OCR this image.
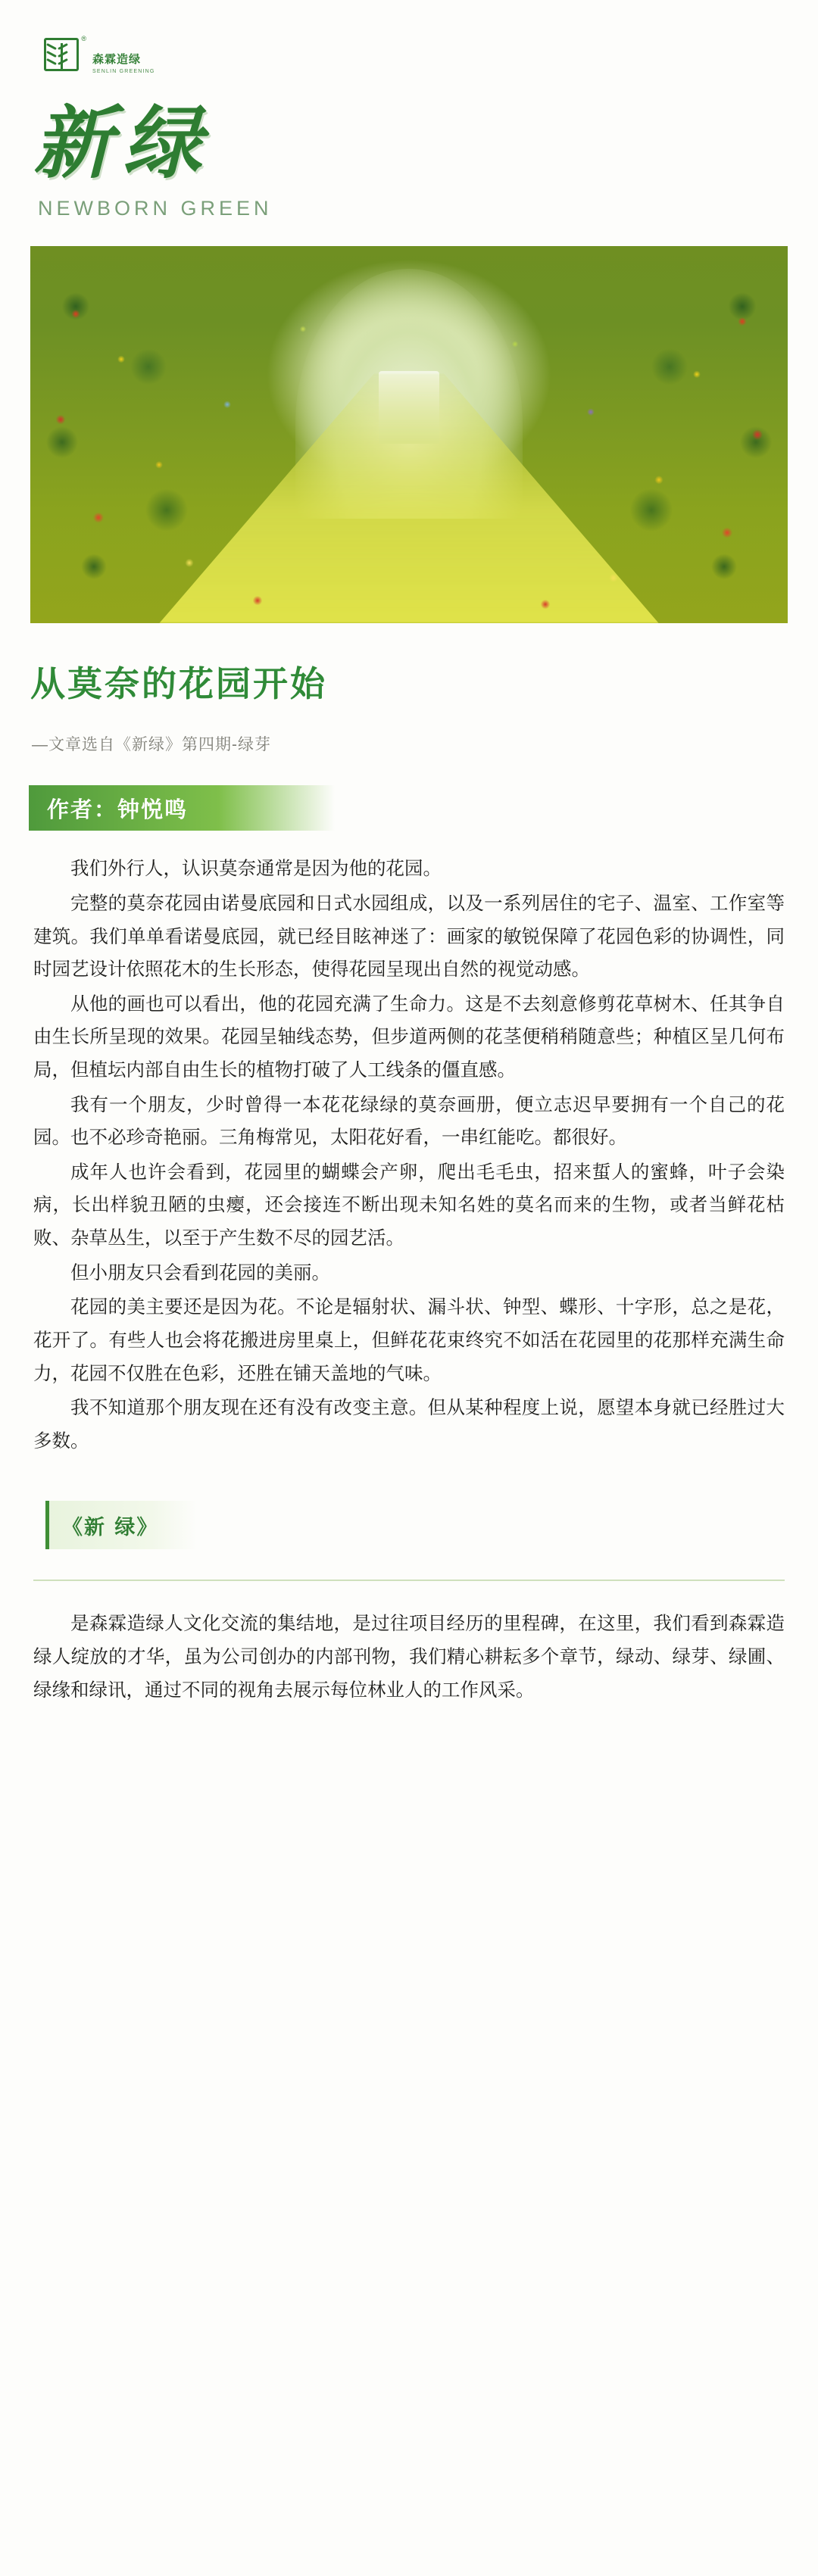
®
森霖造绿
SENLIN GREENING
新绿
NEWBORN GREEN
从莫奈的花园开始
—文章选自《新绿》第四期-绿芽
作者：钟悦鸣

我们外行人，认识莫奈通常是因为他的花园。

完整的莫奈花园由诺曼底园和日式水园组成，以及一系列居住的宅子、温室、工作室等建筑。我们单单看诺曼底园，就已经目眩神迷了：画家的敏锐保障了花园色彩的协调性，同时园艺设计依照花木的生长形态，使得花园呈现出自然的视觉动感。

从他的画也可以看出，他的花园充满了生命力。这是不去刻意修剪花草树木、任其争自由生长所呈现的效果。花园呈轴线态势，但步道两侧的花茎便稍稍随意些；种植区呈几何布局，但植坛内部自由生长的植物打破了人工线条的僵直感。

我有一个朋友，少时曾得一本花花绿绿的莫奈画册，便立志迟早要拥有一个自己的花园。也不必珍奇艳丽。三角梅常见，太阳花好看，一串红能吃。都很好。

成年人也许会看到，花园里的蝴蝶会产卵，爬出毛毛虫，招来蜇人的蜜蜂，叶子会染病，长出样貌丑陋的虫瘿，还会接连不断出现未知名姓的莫名而来的生物，或者当鲜花枯败、杂草丛生，以至于产生数不尽的园艺活。

但小朋友只会看到花园的美丽。

花园的美主要还是因为花。不论是辐射状、漏斗状、钟型、蝶形、十字形，总之是花，花开了。有些人也会将花搬进房里桌上，但鲜花花束终究不如活在花园里的花那样充满生命力，花园不仅胜在色彩，还胜在铺天盖地的气味。

我不知道那个朋友现在还有没有改变主意。但从某种程度上说，愿望本身就已经胜过大多数。

《新 绿》

是森霖造绿人文化交流的集结地，是过往项目经历的里程碑，在这里，我们看到森霖造绿人绽放的才华，虽为公司创办的内部刊物，我们精心耕耘多个章节，绿动、绿芽、绿圃、绿缘和绿讯，通过不同的视角去展示每位林业人的工作风采。
